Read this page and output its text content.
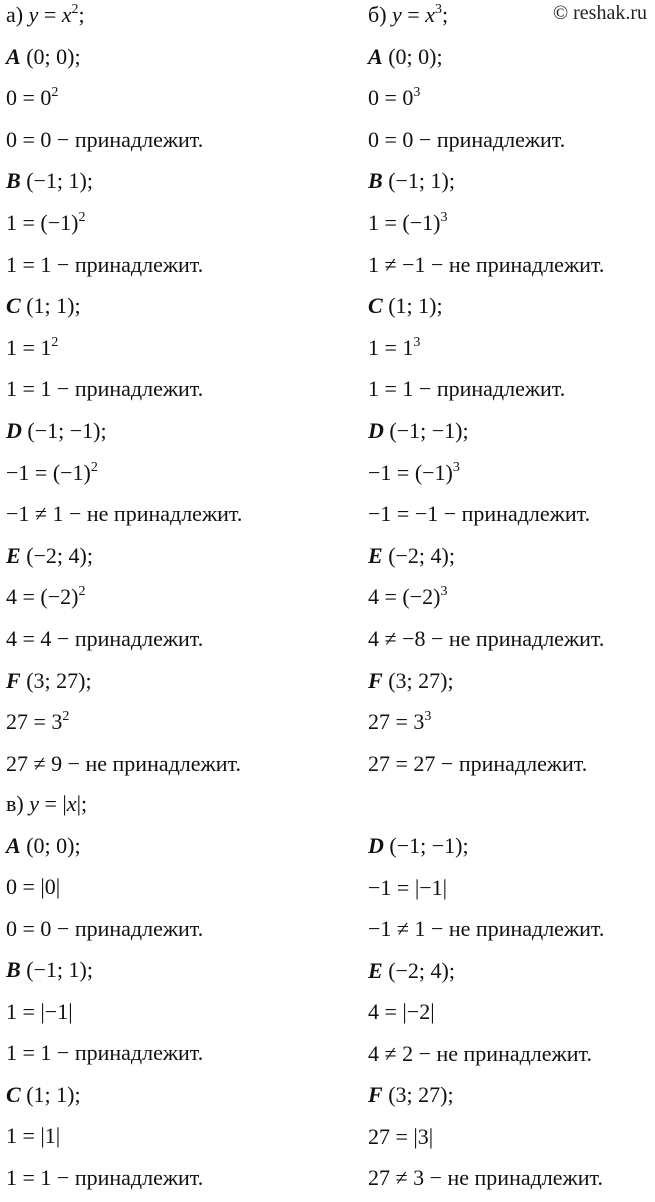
© reshak.ru
а) $y = x^2$;
A (0; 0);
$0 = 0^2$
0 = 0 − принадлежит.
B (−1; 1);
$1 = (-1)^2$
1 = 1 − принадлежит.
C (1; 1);
$1 = 1^2$
1 = 1 − принадлежит.
D (−1; −1);
$-1 = (-1)^2$
−1 ≠ 1 − не принадлежит.
E (−2; 4);
$4 = (-2)^2$
4 = 4 − принадлежит.
F (3; 27);
$27 = 3^2$
27 ≠ 9 − не принадлежит.
б) $y = x^3$;
A (0; 0);
$0 = 0^3$
0 = 0 − принадлежит.
B (−1; 1);
$1 = (-1)^3$
1 ≠ −1 − не принадлежит.
C (1; 1);
$1 = 1^3$
1 = 1 − принадлежит.
D (−1; −1);
$-1 = (-1)^3$
−1 = −1 − принадлежит.
E (−2; 4);
$4 = (-2)^3$
4 ≠ −8 − не принадлежит.
F (3; 27);
$27 = 3^3$
27 = 27 − принадлежит.
в) y = |x|;
A (0; 0);
0 = |0|
0 = 0 − принадлежит.
B (−1; 1);
1 = |−1|
1 = 1 − принадлежит.
C (1; 1);
1 = |1|
1 = 1 − принадлежит.
D (−1; −1);
−1 = |−1|
−1 ≠ 1 − не принадлежит.
E (−2; 4);
4 = |−2|
4 ≠ 2 − не принадлежит.
F (3; 27);
27 = |3|
27 ≠ 3 − не принадлежит.
